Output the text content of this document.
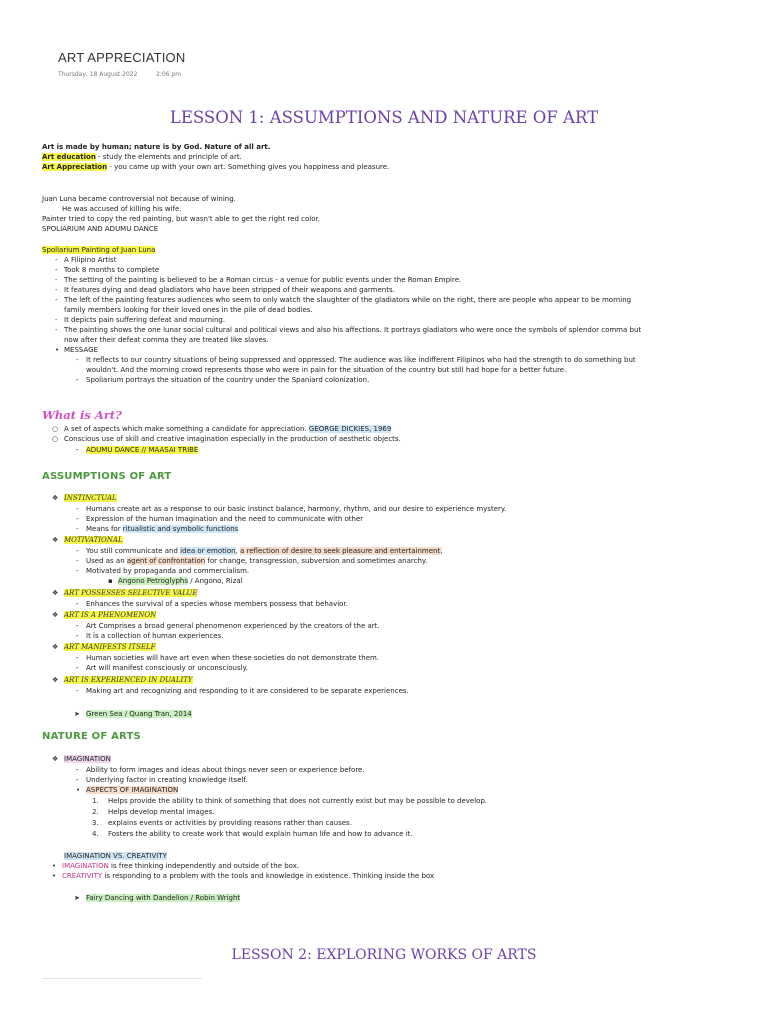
ART APPRECIATION
Thursday, 18 August 2022	2:06 pm
LESSON 1: ASSUMPTIONS AND NATURE OF ART
Art is made by human; nature is by God. Nature of all art.
Art education - study the elements and principle of art.
Art Appreciation - you came up with your own art. Something gives you happiness and pleasure.
Juan Luna became controversial not because of wining.
He was accused of killing his wife.
Painter tried to copy the red painting, but wasn't able to get the right red color.
SPOLIARIUM AND ADUMU DANCE
Spoliarium Painting of Juan Luna
- A Filipino Artist
- Took 8 months to complete
- The setting of the painting is believed to be a Roman circus - a venue for public events under the Roman Empire.
- It features dying and dead gladiators who have been stripped of their weapons and garments.
- The left of the painting features audiences who seem to only watch the slaughter of the gladiators while on the right, there are people who appear to be morning
family members looking for their loved ones in the pile of dead bodies.
- It depicts pain suffering defeat and mourning.
- The painting shows the one lunar social cultural and political views and also his affections. It portrays gladiators who were once the symbols of splendor comma but
now after their defeat comma they are treated like slaves.
• MESSAGE
- It reflects to our country situations of being suppressed and oppressed. The audience was like indifferent Filipinos who had the strength to do something but
wouldn't. And the morning crowd represents those who were in pain for the situation of the country but still had hope for a better future.
- Spoliarium portrays the situation of the country under the Spaniard colonization.
What is Art?
○ A set of aspects which make something a candidate for appreciation. GEORGE DICKIES, 1969
○ Conscious use of skill and creative imagination especially in the production of aesthetic objects.
- ADUMU DANCE // MAASAI TRIBE
ASSUMPTIONS OF ART
❖ INSTINCTUAL
- Humans create art as a response to our basic instinct balance, harmony, rhythm, and our desire to experience mystery.
- Expression of the human imagination and the need to communicate with other
- Means for ritualistic and symbolic functions
❖ MOTIVATIONAL
- You still communicate and idea or emotion, a reflection of desire to seek pleasure and entertainment.
- Used as an agent of confrontation for change, transgression, subversion and sometimes anarchy.
- Motivated by propaganda and commercialism.
▪ Angono Petroglyphs / Angono, Rizal
❖ ART POSSESSES SELECTIVE VALUE
- Enhances the survival of a species whose members possess that behavior.
❖ ART IS A PHENOMENON
- Art Comprises a broad general phenomenon experienced by the creators of the art.
- It is a collection of human experiences.
❖ ART MANIFESTS ITSELF
- Human societies will have art even when these societies do not demonstrate them.
- Art will manifest consciously or unconsciously.
❖ ART IS EXPERIENCED IN DUALITY
- Making art and recognizing and responding to it are considered to be separate experiences.
➤ Green Sea / Quang Tran, 2014
NATURE OF ARTS
❖ IMAGINATION
- Ability to form images and ideas about things never seen or experience before.
- Underlying factor in creating knowledge itself.
• ASPECTS OF IMAGINATION
1. Helps provide the ability to think of something that does not currently exist but may be possible to develop.
2. Helps develop mental images.
3. explains events or activities by providing reasons rather than causes.
4. Fosters the ability to create work that would explain human life and how to advance it.
IMAGINATION VS. CREATIVITY
• IMAGINATION is free thinking independently and outside of the box.
• CREATIVITY is responding to a problem with the tools and knowledge in existence. Thinking inside the box
➤ Fairy Dancing with Dandelion / Robin Wright
LESSON 2: EXPLORING WORKS OF ARTS
